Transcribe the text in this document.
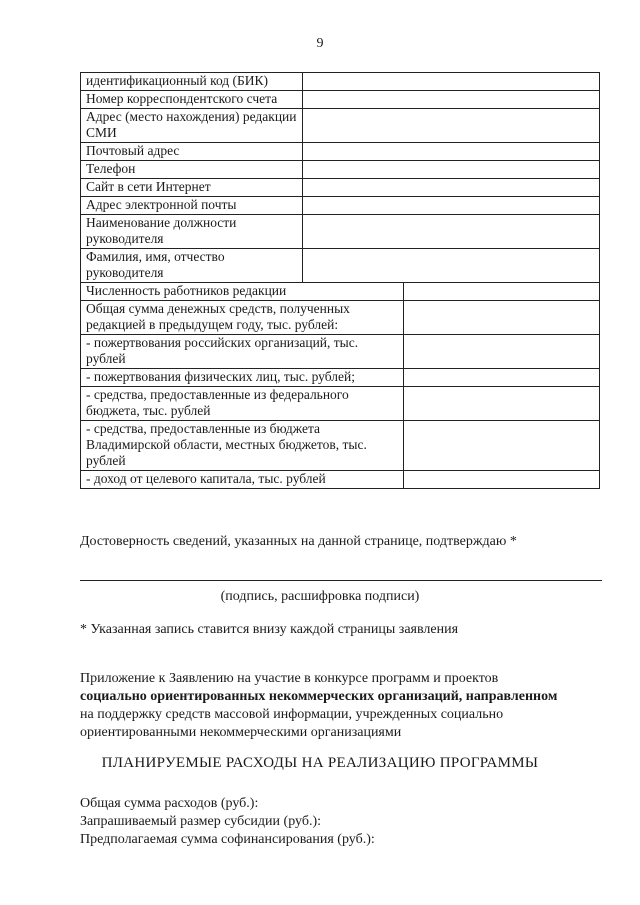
9
идентификационный код (БИК)		
Номер корреспондентского счета		
Адрес (место нахождения) редакции СМИ		
Почтовый адрес		
Телефон		
Сайт в сети Интернет		
Адрес электронной почты		
Наименование должности руководителя		
Фамилия, имя, отчество руководителя		
Численность работников редакции		
Общая сумма денежных средств, полученных редакцией в предыдущем году, тыс. рублей:		
- пожертвования российских организаций, тыс. рублей		
- пожертвования физических лиц, тыс. рублей;		
- средства, предоставленные из федерального бюджета, тыс. рублей		
- средства, предоставленные из бюджета Владимирской области, местных бюджетов, тыс. рублей		
- доход от целевого капитала, тыс. рублей		
Достоверность сведений, указанных на данной странице, подтверждаю *
(подпись, расшифровка подписи)
* Указанная запись ставится внизу каждой страницы заявления
Приложение к Заявлению на участие в конкурсе программ и проектов
социально ориентированных некоммерческих организаций, направленном
на поддержку средств массовой информации, учрежденных социально
ориентированными некоммерческими организациями
ПЛАНИРУЕМЫЕ РАСХОДЫ НА РЕАЛИЗАЦИЮ ПРОГРАММЫ
Общая сумма расходов (руб.):
Запрашиваемый размер субсидии (руб.):
Предполагаемая сумма софинансирования (руб.):
